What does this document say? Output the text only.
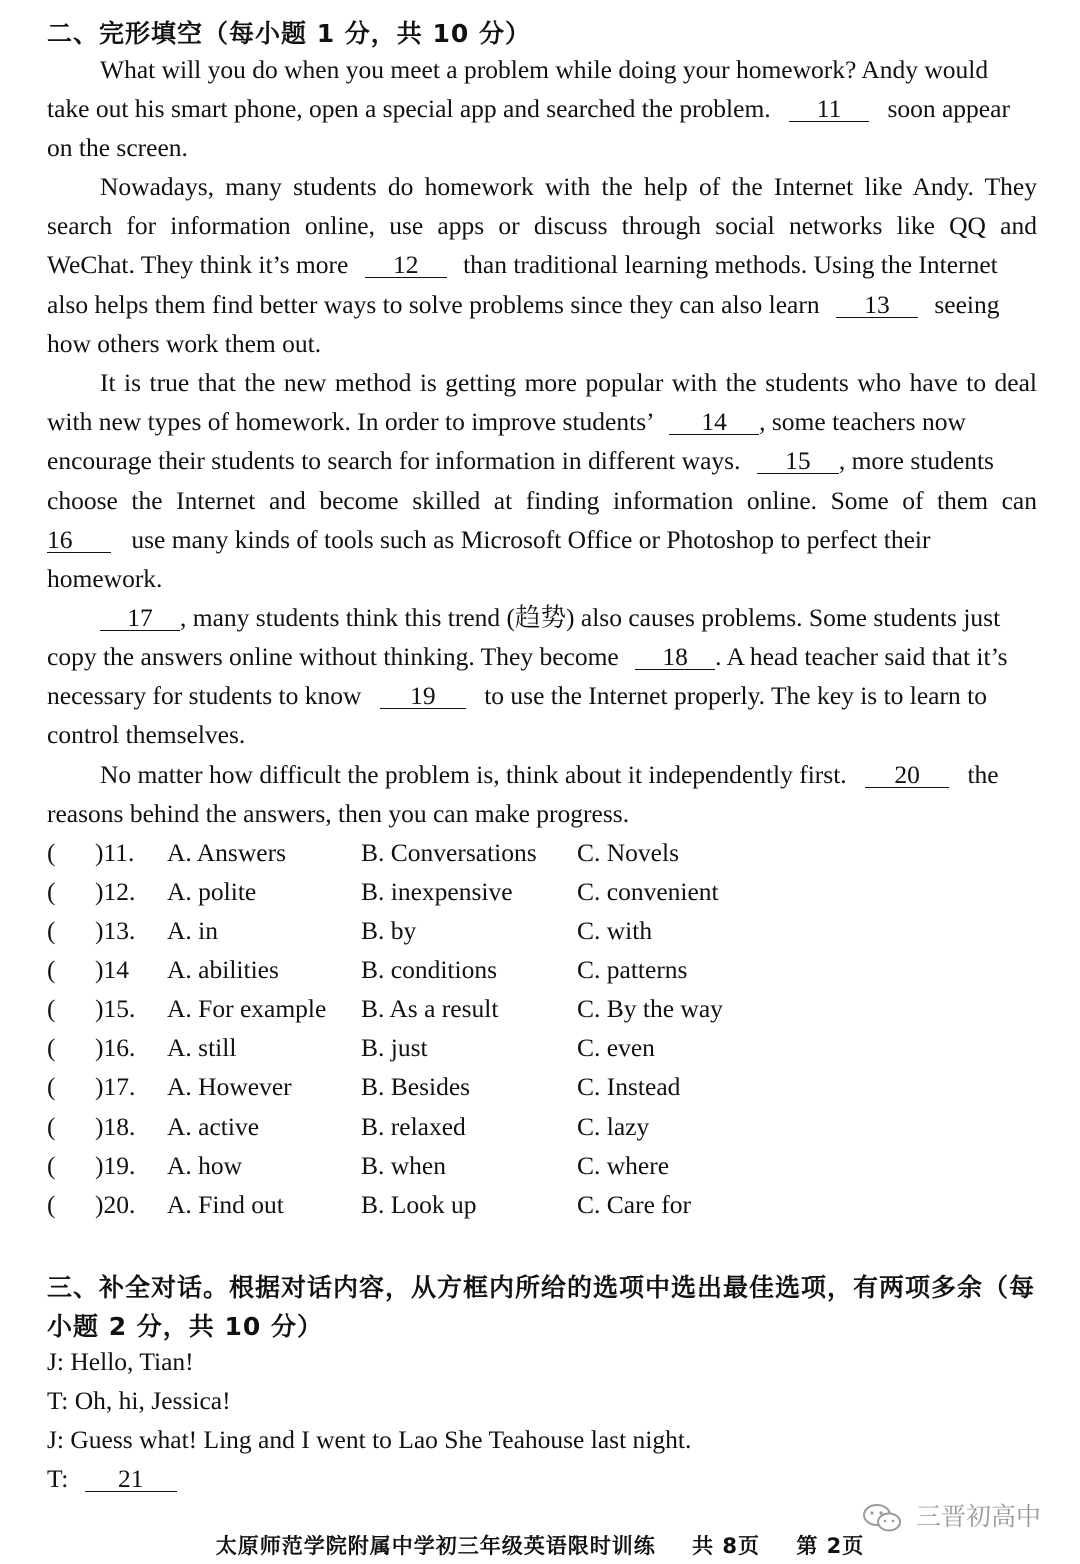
二、完形填空（每小题 1 分，共 10 分）
What will you do when you meet a problem while doing your homework? Andy would
take out his smart phone, open a special app and searched the problem. 11 soon appear
on the screen.
Nowadays, many students do homework with the help of the Internet like Andy. They
search for information online, use apps or discuss through social networks like QQ and
WeChat. They think it’s more 12 than traditional learning methods. Using the Internet
also helps them find better ways to solve problems since they can also learn 13 seeing
how others work them out.
It is true that the new method is getting more popular with the students who have to deal
with new types of homework. In order to improve students’ 14 , some teachers now
encourage their students to search for information in different ways. 15 , more students
choose the Internet and become skilled at finding information online. Some of them can
16 use many kinds of tools such as Microsoft Office or Photoshop to perfect their
homework.
17 , many students think this trend (趋势) also causes problems. Some students just
copy the answers online without thinking. They become 18 . A head teacher said that it’s
necessary for students to know 19 to use the Internet properly. The key is to learn to
control themselves.
No matter how difficult the problem is, think about it independently first. 20 the
reasons behind the answers, then you can make progress.
( )11. A. Answers	B. Conversations C. Novels
( )12. A. polite	B. inexpensive	C. convenient
( )13. A. in	B. by	C. with
( )14 A. abilities	B. conditions	C. patterns
( )15. A. For example B. As a result	C. By the way
( )16. A. still	B. just	C. even
( )17. A. However	B. Besides	C. Instead
( )18. A. active	B. relaxed	C. lazy
( )19. A. how	B. when	C. where
( )20. A. Find out	B. Look up	C. Care for
三、补全对话。根据对话内容，从方框内所给的选项中选出最佳选项，有两项多余（每
小题 2 分，共 10 分）
J: Hello, Tian!
T: Oh, hi, Jessica!
J: Guess what! Ling and I went to Lao She Teahouse last night.
T: 21
三晋初高中
太原师范学院附属中学初三年级英语限时训练 共 8页 第 2页
